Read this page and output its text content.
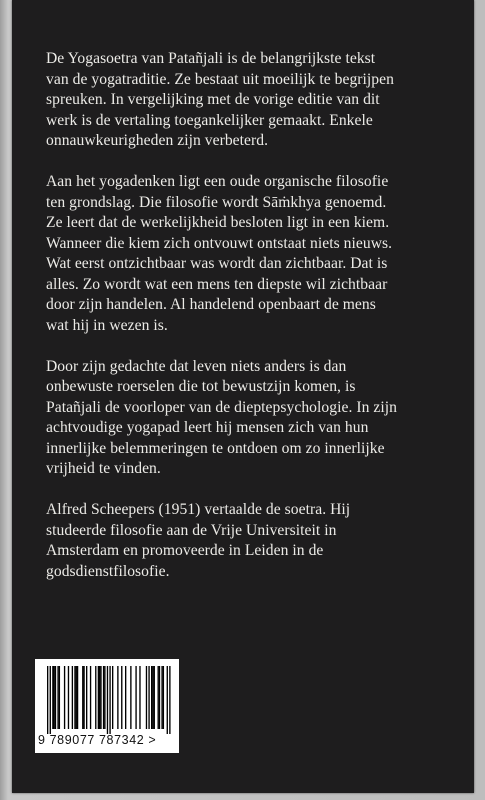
De Yogasoetra van Patañjali is de belangrijkste tekst
van de yogatraditie. Ze bestaat uit moeilijk te begrijpen
spreuken. In vergelijking met de vorige editie van dit
werk is de vertaling toegankelijker gemaakt. Enkele
onnauwkeurigheden zijn verbeterd.

Aan het yogadenken ligt een oude organische filosofie
ten grondslag. Die filosofie wordt Sāṁkhya genoemd.
Ze leert dat de werkelijkheid besloten ligt in een kiem.
Wanneer die kiem zich ontvouwt ontstaat niets nieuws.
Wat eerst ontzichtbaar was wordt dan zichtbaar. Dat is
alles. Zo wordt wat een mens ten diepste wil zichtbaar
door zijn handelen. Al handelend openbaart de mens
wat hij in wezen is.

Door zijn gedachte dat leven niets anders is dan
onbewuste roerselen die tot bewustzijn komen, is
Patañjali de voorloper van de dieptepsychologie. In zijn
achtvoudige yogapad leert hij mensen zich van hun
innerlijke belemmeringen te ontdoen om zo innerlijke
vrijheid te vinden.

Alfred Scheepers (1951) vertaalde de soetra. Hij
studeerde filosofie aan de Vrije Universiteit in
Amsterdam en promoveerde in Leiden in de
godsdienstfilosofie.

9 789077 787342 >
